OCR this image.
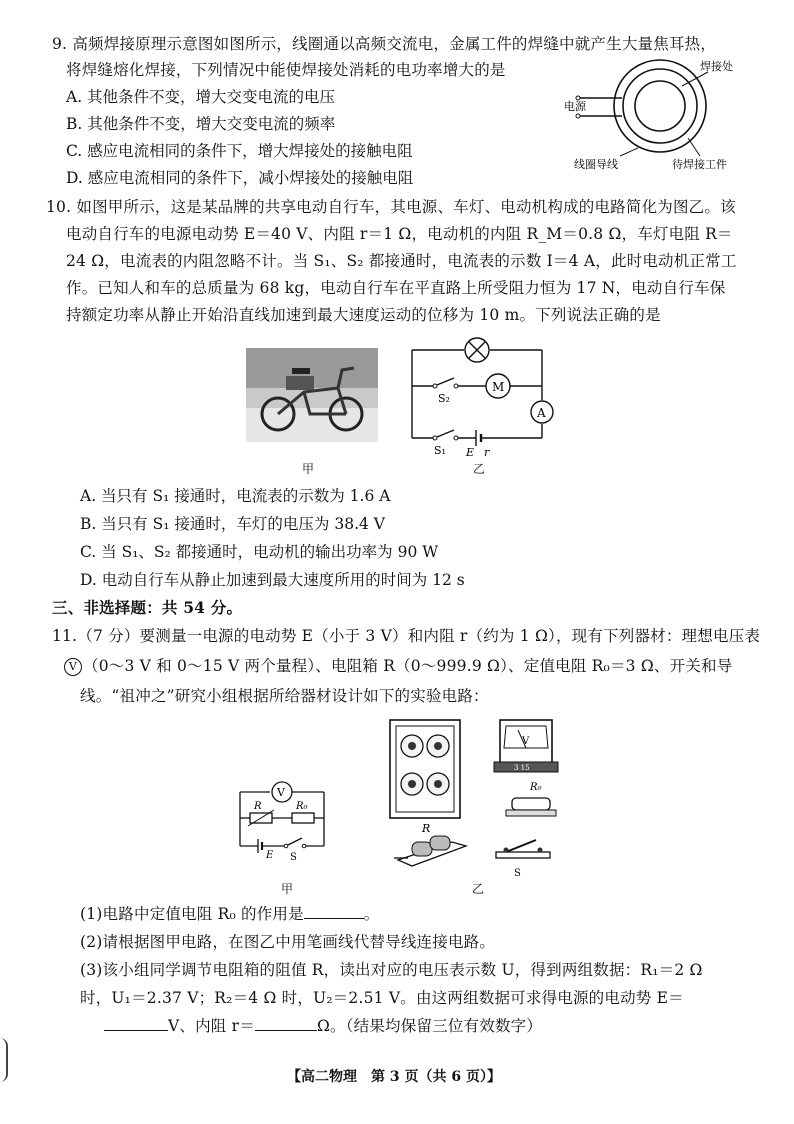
9. 高频焊接原理示意图如图所示，线圈通以高频交流电，金属工件的焊缝中就产生大量焦耳热，
将焊缝熔化焊接，下列情况中能使焊接处消耗的电功率增大的是
A. 其他条件不变，增大交变电流的电压
B. 其他条件不变，增大交变电流的频率
C. 感应电流相同的条件下，增大焊接处的接触电阻
D. 感应电流相同的条件下，减小焊接处的接触电阻
电源
焊接处
线圈导线	待焊接工件
10. 如图甲所示，这是某品牌的共享电动自行车，其电源、车灯、电动机构成的电路简化为图乙。该
电动自行车的电源电动势 E＝40 V、内阻 r＝1 Ω，电动机的内阻 R_M＝0.8 Ω，车灯电阻 R＝
24 Ω，电流表的内阻忽略不计。当 S₁、S₂ 都接通时，电流表的示数 I＝4 A，此时电动机正常工
作。已知人和车的总质量为 68 kg，电动自行车在平直路上所受阻力恒为 17 N，电动自行车保
持额定功率从静止开始沿直线加速到最大速度运动的位移为 10 m。下列说法正确的是
甲
M
S₂
A
S₁ E r
乙
A. 当只有 S₁ 接通时，电流表的示数为 1.6 A
B. 当只有 S₁ 接通时，车灯的电压为 38.4 V
C. 当 S₁、S₂ 都接通时，电动机的输出功率为 90 W
D. 电动自行车从静止加速到最大速度所用的时间为 12 s
三、非选择题：共 54 分。
11.（7 分）要测量一电源的电动势 E（小于 3 V）和内阻 r（约为 1 Ω），现有下列器材：理想电压表
V （0～3 V 和 0～15 V 两个量程）、电阻箱 R（0～999.9 Ω）、定值电阻 R₀＝3 Ω、开关和导
线。“祖冲之”研究小组根据所给器材设计如下的实验电路：
V
R	R₀
E S
甲
R
V
3 15
R₀
S
乙
(1)电路中定值电阻 R₀ 的作用是	。
(2)请根据图甲电路，在图乙中用笔画线代替导线连接电路。
(3)该小组同学调节电阻箱的阻值 R，读出对应的电压表示数 U，得到两组数据：R₁＝2 Ω
时，U₁＝2.37 V；R₂＝4 Ω 时，U₂＝2.51 V。由这两组数据可求得电源的电动势 E＝
V、内阻 r＝	Ω。（结果均保留三位有效数字）
【高二物理　第 3 页（共 6 页）】
